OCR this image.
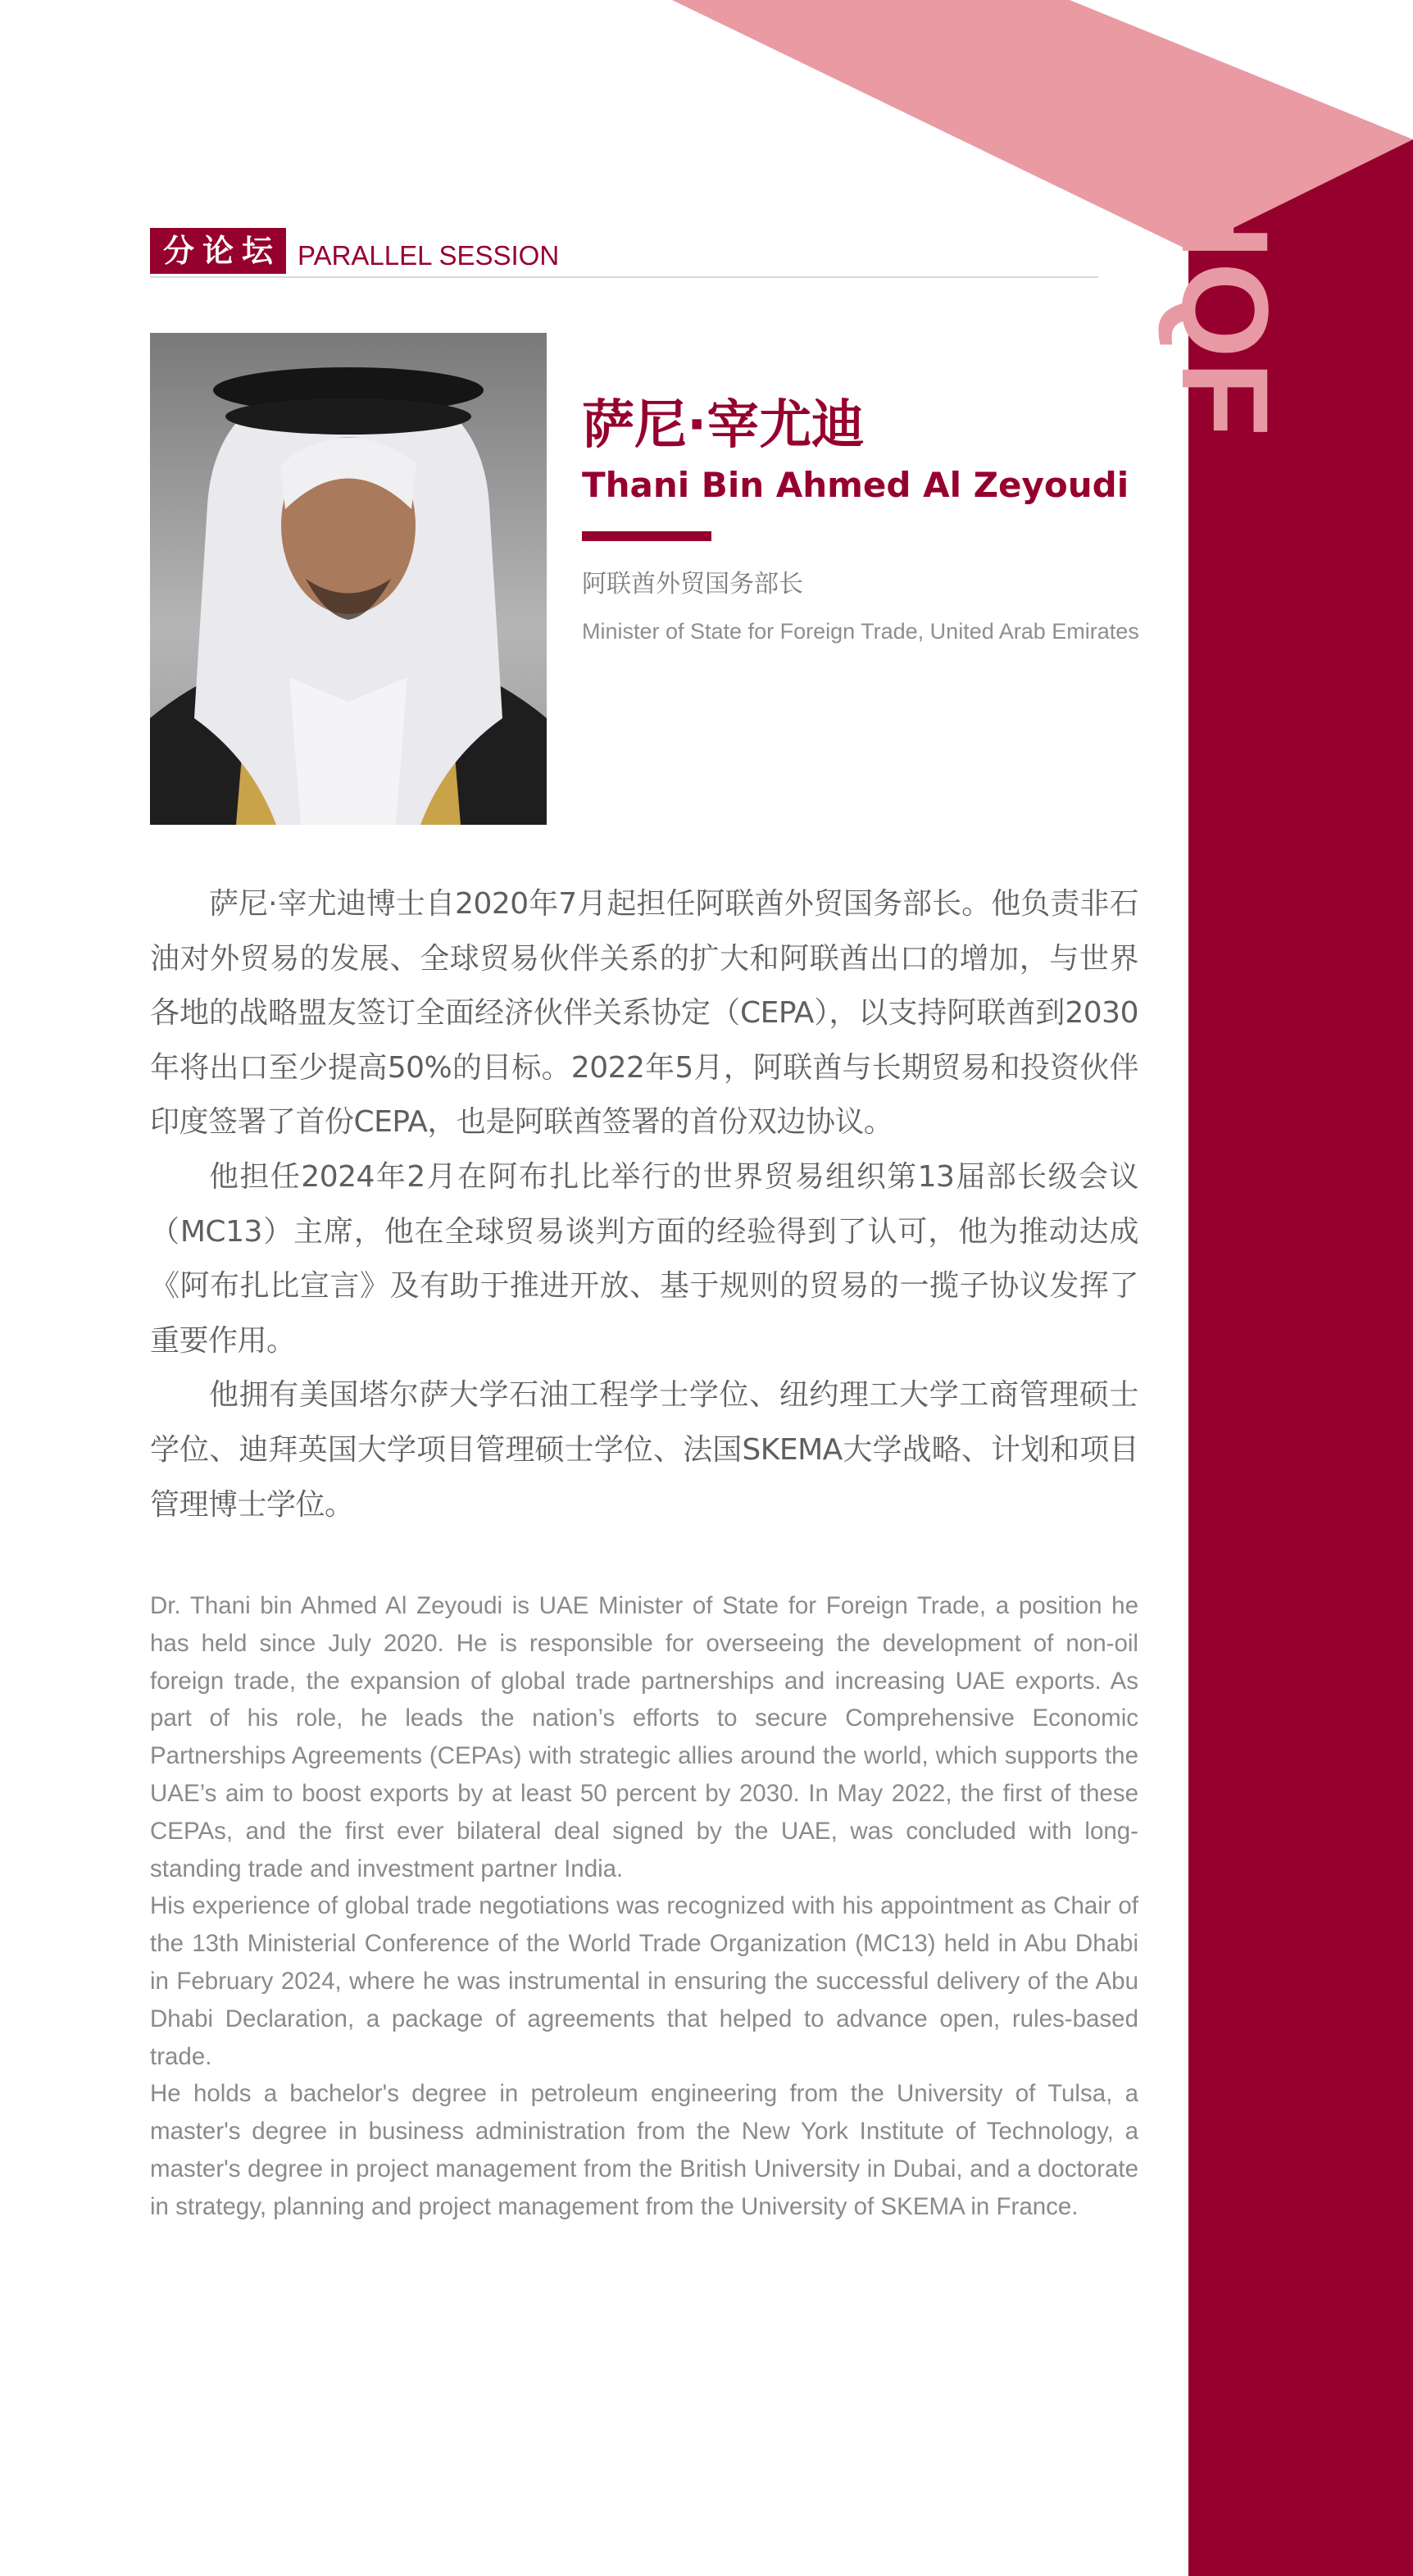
HQF
分论坛 PARALLEL SESSION
萨尼·宰尤迪
Thani Bin Ahmed Al Zeyoudi
阿联酋外贸国务部长
Minister of State for Foreign Trade, United Arab Emirates

萨尼·宰尤迪博士自2020年7月起担任阿联酋外贸国务部长。他负责非石油对外贸易的发展、全球贸易伙伴关系的扩大和阿联酋出口的增加，与世界各地的战略盟友签订全面经济伙伴关系协定（CEPA），以支持阿联酋到2030年将出口至少提高50%的目标。2022年5月，阿联酋与长期贸易和投资伙伴印度签署了首份CEPA，也是阿联酋签署的首份双边协议。

他担任2024年2月在阿布扎比举行的世界贸易组织第13届部长级会议（MC13）主席，他在全球贸易谈判方面的经验得到了认可，他为推动达成《阿布扎比宣言》及有助于推进开放、基于规则的贸易的一揽子协议发挥了重要作用。

他拥有美国塔尔萨大学石油工程学士学位、纽约理工大学工商管理硕士学位、迪拜英国大学项目管理硕士学位、法国SKEMA大学战略、计划和项目管理博士学位。

Dr. Thani bin Ahmed Al Zeyoudi is UAE Minister of State for Foreign Trade, a position he has held since July 2020. He is responsible for overseeing the development of non-oil foreign trade, the expansion of global trade partnerships and increasing UAE exports. As part of his role, he leads the nation’s efforts to secure Comprehensive Economic Partnerships Agreements (CEPAs) with strategic allies around the world, which supports the UAE’s aim to boost exports by at least 50 percent by 2030. In May 2022, the first of these CEPAs, and the first ever bilateral deal signed by the UAE, was concluded with long-standing trade and investment partner India.

His experience of global trade negotiations was recognized with his appointment as Chair of the 13th Ministerial Conference of the World Trade Organization (MC13) held in Abu Dhabi in February 2024, where he was instrumental in ensuring the successful delivery of the Abu Dhabi Declaration, a package of agreements that helped to advance open, rules-based trade.

He holds a bachelor's degree in petroleum engineering from the University of Tulsa, a master's degree in business administration from the New York Institute of Technology, a master's degree in project management from the British University in Dubai, and a doctorate in strategy, planning and project management from the University of SKEMA in France.
